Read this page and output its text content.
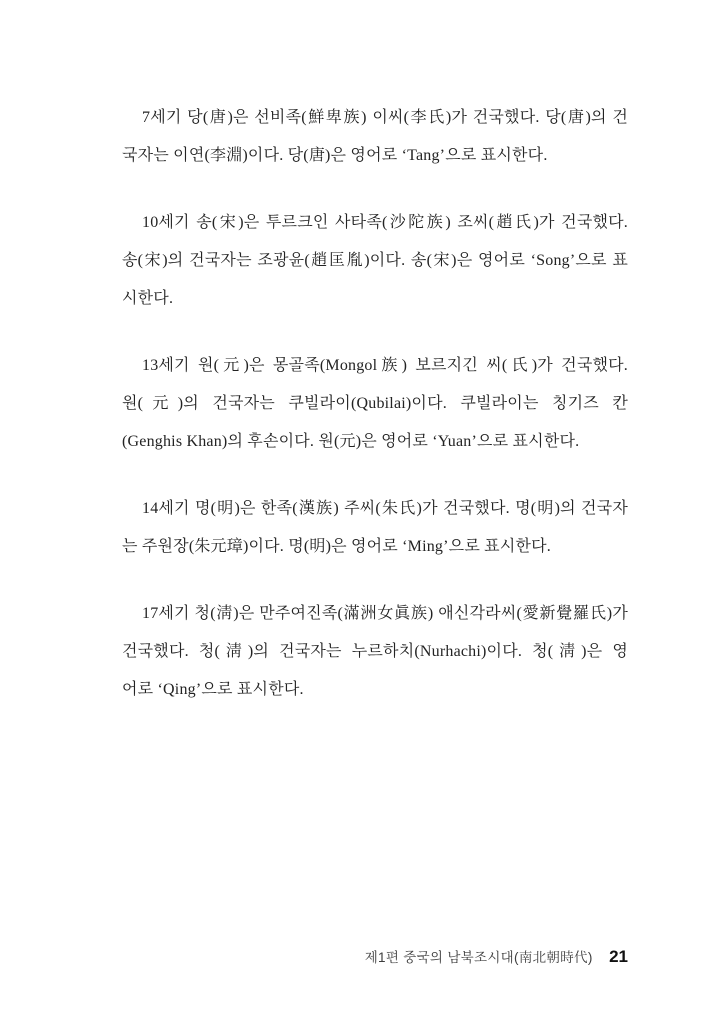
7세기 당(唐)은 선비족(鮮卑族) 이씨(李氏)가 건국했다. 당(唐)의 건
국자는 이연(李淵)이다. 당(唐)은 영어로 ‘Tang’으로 표시한다.

10세기 송(宋)은 투르크인 사타족(沙陀族) 조씨(趙氏)가 건국했다.
송(宋)의 건국자는 조광윤(趙匡胤)이다. 송(宋)은 영어로 ‘Song’으로 표
시한다.

13세기 원(元)은 몽골족(Mongol族) 보르지긴 씨(氏)가 건국했다.
원(元)의 건국자는 쿠빌라이(Qubilai)이다. 쿠빌라이는 칭기즈 칸
(Genghis Khan)의 후손이다. 원(元)은 영어로 ‘Yuan’으로 표시한다.

14세기 명(明)은 한족(漢族) 주씨(朱氏)가 건국했다. 명(明)의 건국자
는 주원장(朱元璋)이다. 명(明)은 영어로 ‘Ming’으로 표시한다.

17세기 청(淸)은 만주여진족(滿洲女眞族) 애신각라씨(愛新覺羅氏)가
건국했다. 청(淸)의 건국자는 누르하치(Nurhachi)이다. 청(淸)은 영
어로 ‘Qing’으로 표시한다.

제1편 중국의 남북조시대(南北朝時代) 21
